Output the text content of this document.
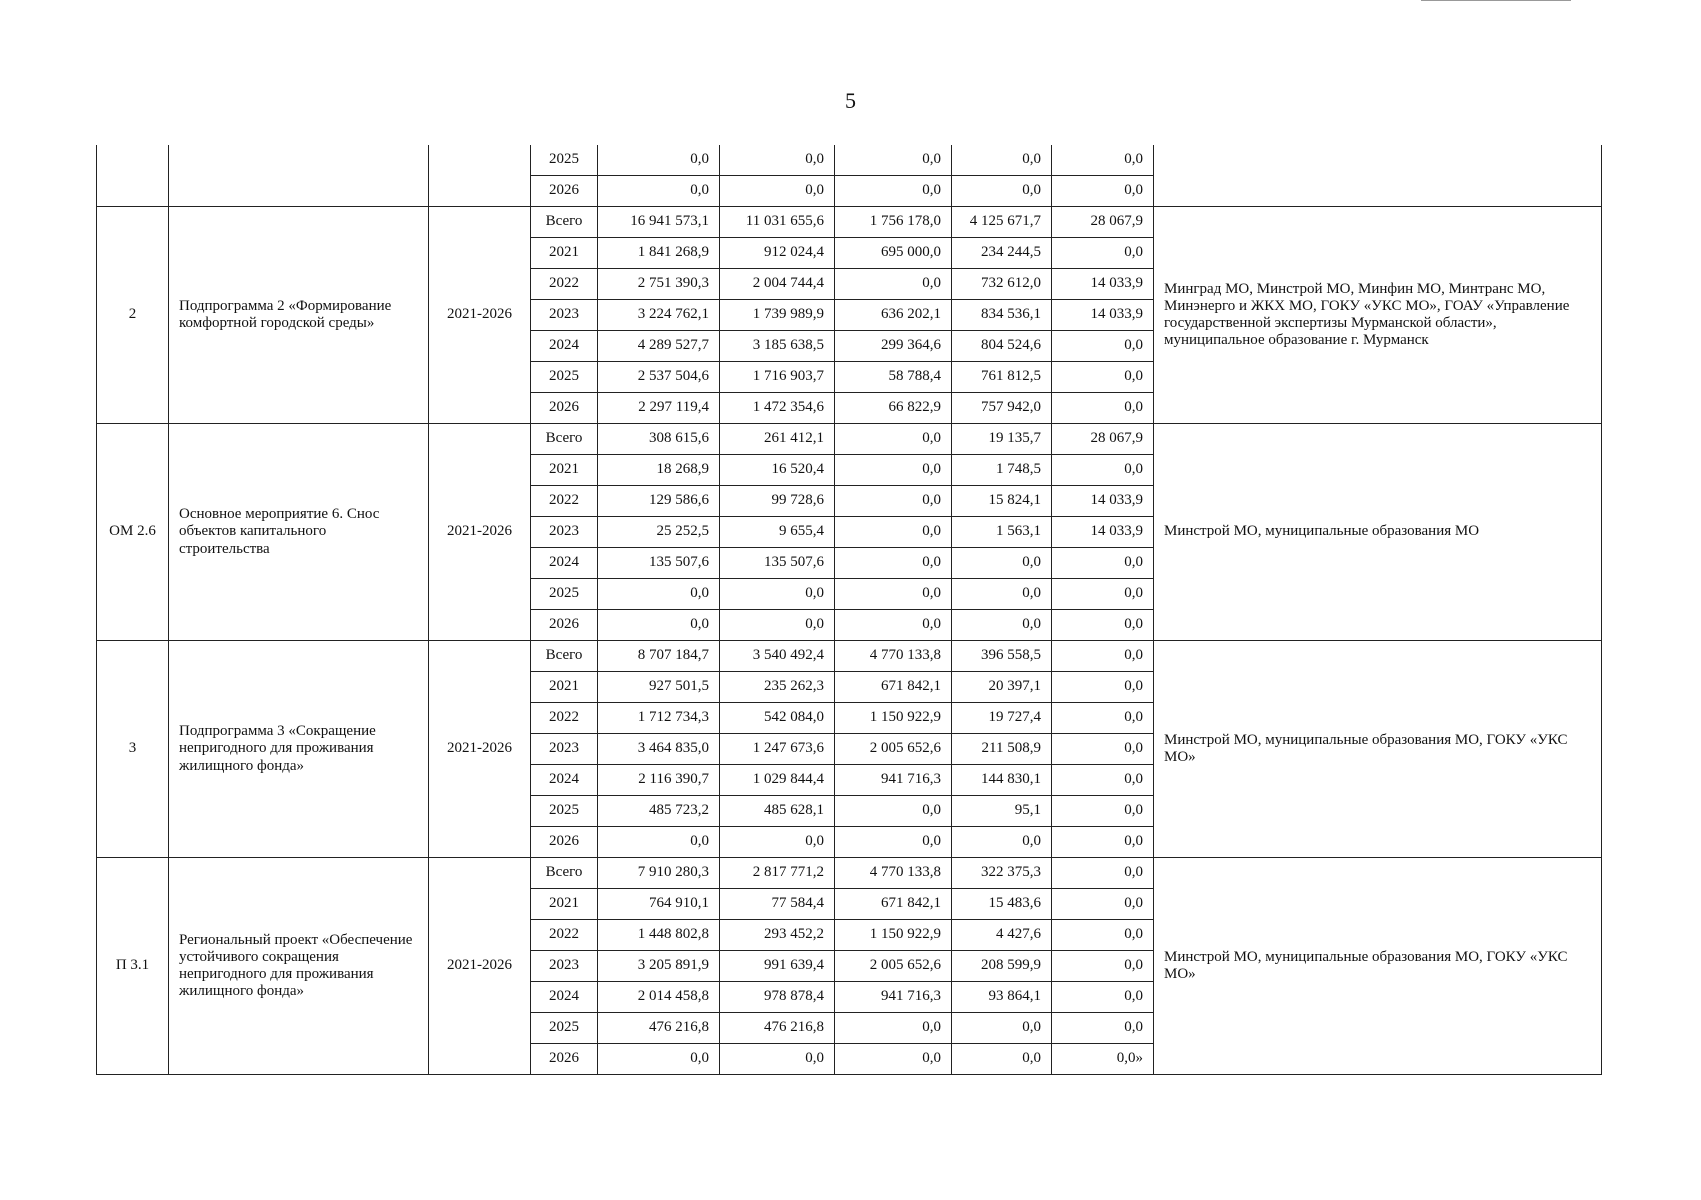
5
			2025	0,0	0,0	0,0	0,0	0,0	
			2026	0,0	0,0	0,0	0,0	0,0	
2	Подпрограмма 2 «Формирование комфортной городской среды»	2021-2026	Всего	16 941 573,1	11 031 655,6	1 756 178,0	4 125 671,7	28 067,9	Минград МО, Минстрой МО, Минфин МО, Минтранс МО, Минэнерго и ЖКХ МО, ГОКУ «УКС МО», ГОАУ «Управление государственной экспертизы Мурманской области», муниципальное образование г. Мурманск
			2021	1 841 268,9	912 024,4	695 000,0	234 244,5	0,0	
			2022	2 751 390,3	2 004 744,4	0,0	732 612,0	14 033,9	
			2023	3 224 762,1	1 739 989,9	636 202,1	834 536,1	14 033,9	
			2024	4 289 527,7	3 185 638,5	299 364,6	804 524,6	0,0	
			2025	2 537 504,6	1 716 903,7	58 788,4	761 812,5	0,0	
			2026	2 297 119,4	1 472 354,6	66 822,9	757 942,0	0,0	
ОМ 2.6	Основное мероприятие 6. Снос объектов капитального строительства	2021-2026	Всего	308 615,6	261 412,1	0,0	19 135,7	28 067,9	Минстрой МО, муниципальные образования МО
			2021	18 268,9	16 520,4	0,0	1 748,5	0,0	
			2022	129 586,6	99 728,6	0,0	15 824,1	14 033,9	
			2023	25 252,5	9 655,4	0,0	1 563,1	14 033,9	
			2024	135 507,6	135 507,6	0,0	0,0	0,0	
			2025	0,0	0,0	0,0	0,0	0,0	
			2026	0,0	0,0	0,0	0,0	0,0	
3	Подпрограмма 3 «Сокращение непригодного для проживания жилищного фонда»	2021-2026	Всего	8 707 184,7	3 540 492,4	4 770 133,8	396 558,5	0,0	Минстрой МО, муниципальные образования МО, ГОКУ «УКС МО»
			2021	927 501,5	235 262,3	671 842,1	20 397,1	0,0	
			2022	1 712 734,3	542 084,0	1 150 922,9	19 727,4	0,0	
			2023	3 464 835,0	1 247 673,6	2 005 652,6	211 508,9	0,0	
			2024	2 116 390,7	1 029 844,4	941 716,3	144 830,1	0,0	
			2025	485 723,2	485 628,1	0,0	95,1	0,0	
			2026	0,0	0,0	0,0	0,0	0,0	
П 3.1	Региональный проект «Обеспечение устойчивого сокращения непригодного для проживания жилищного фонда»	2021-2026	Всего	7 910 280,3	2 817 771,2	4 770 133,8	322 375,3	0,0	Минстрой МО, муниципальные образования МО, ГОКУ «УКС МО»
			2021	764 910,1	77 584,4	671 842,1	15 483,6	0,0	
			2022	1 448 802,8	293 452,2	1 150 922,9	4 427,6	0,0	
			2023	3 205 891,9	991 639,4	2 005 652,6	208 599,9	0,0	
			2024	2 014 458,8	978 878,4	941 716,3	93 864,1	0,0	
			2025	476 216,8	476 216,8	0,0	0,0	0,0	
			2026	0,0	0,0	0,0	0,0	0,0»	
